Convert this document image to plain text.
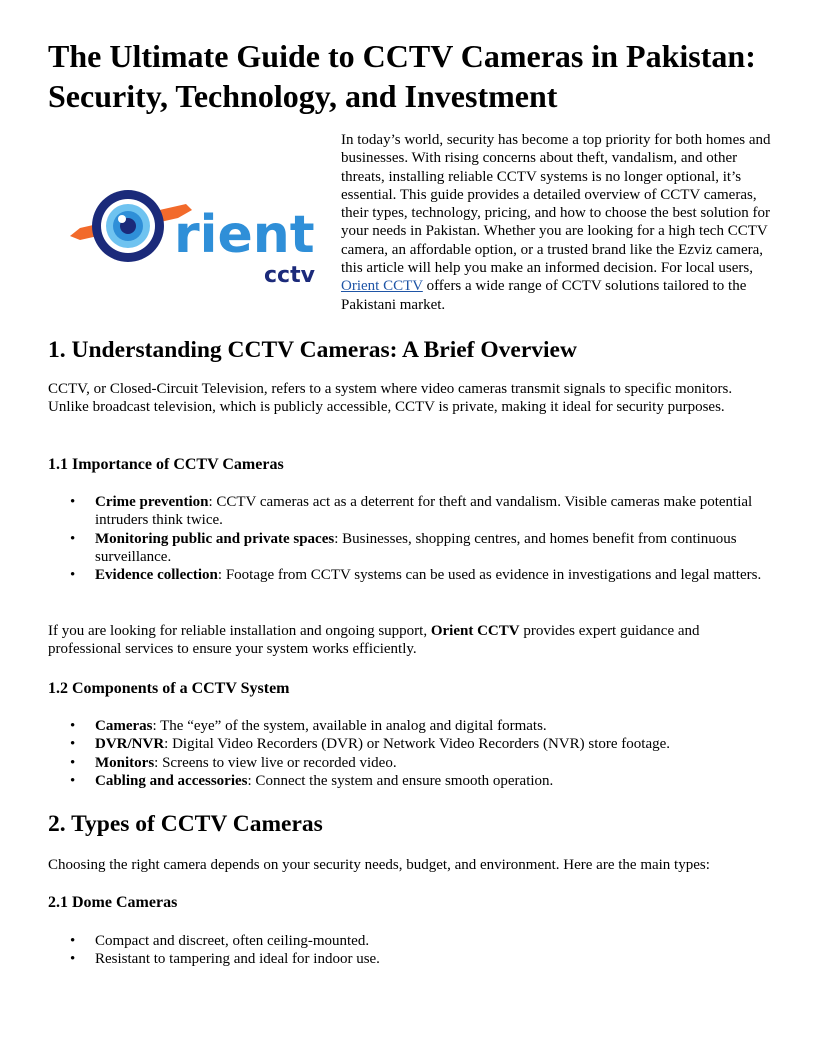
The Ultimate Guide to CCTV Cameras in Pakistan: Security, Technology, and Investment
rient
cctv

In today’s world, security has become a top priority for both homes and businesses. With rising concerns about theft, vandalism, and other threats, installing reliable CCTV systems is no longer optional, it’s essential. This guide provides a detailed overview of CCTV cameras, their types, technology, pricing, and how to choose the best solution for your needs in Pakistan. Whether you are looking for a high tech CCTV camera, an affordable option, or a trusted brand like the Ezviz camera, this article will help you make an informed decision. For local users, Orient CCTV offers a wide range of CCTV solutions tailored to the Pakistani market.

1. Understanding CCTV Cameras: A Brief Overview

CCTV, or Closed-Circuit Television, refers to a system where video cameras transmit signals to specific monitors. Unlike broadcast television, which is publicly accessible, CCTV is private, making it ideal for security purposes.

1.1 Importance of CCTV Cameras
• Crime prevention: CCTV cameras act as a deterrent for theft and vandalism. Visible cameras make potential intruders think twice.
• Monitoring public and private spaces: Businesses, shopping centres, and homes benefit from continuous surveillance.
• Evidence collection: Footage from CCTV systems can be used as evidence in investigations and legal matters.

If you are looking for reliable installation and ongoing support, Orient CCTV provides expert guidance and professional services to ensure your system works efficiently.

1.2 Components of a CCTV System
• Cameras: The “eye” of the system, available in analog and digital formats.
• DVR/NVR: Digital Video Recorders (DVR) or Network Video Recorders (NVR) store footage.
• Monitors: Screens to view live or recorded video.
• Cabling and accessories: Connect the system and ensure smooth operation.
2. Types of CCTV Cameras

Choosing the right camera depends on your security needs, budget, and environment. Here are the main types:

2.1 Dome Cameras
• Compact and discreet, often ceiling-mounted.
• Resistant to tampering and ideal for indoor use.
